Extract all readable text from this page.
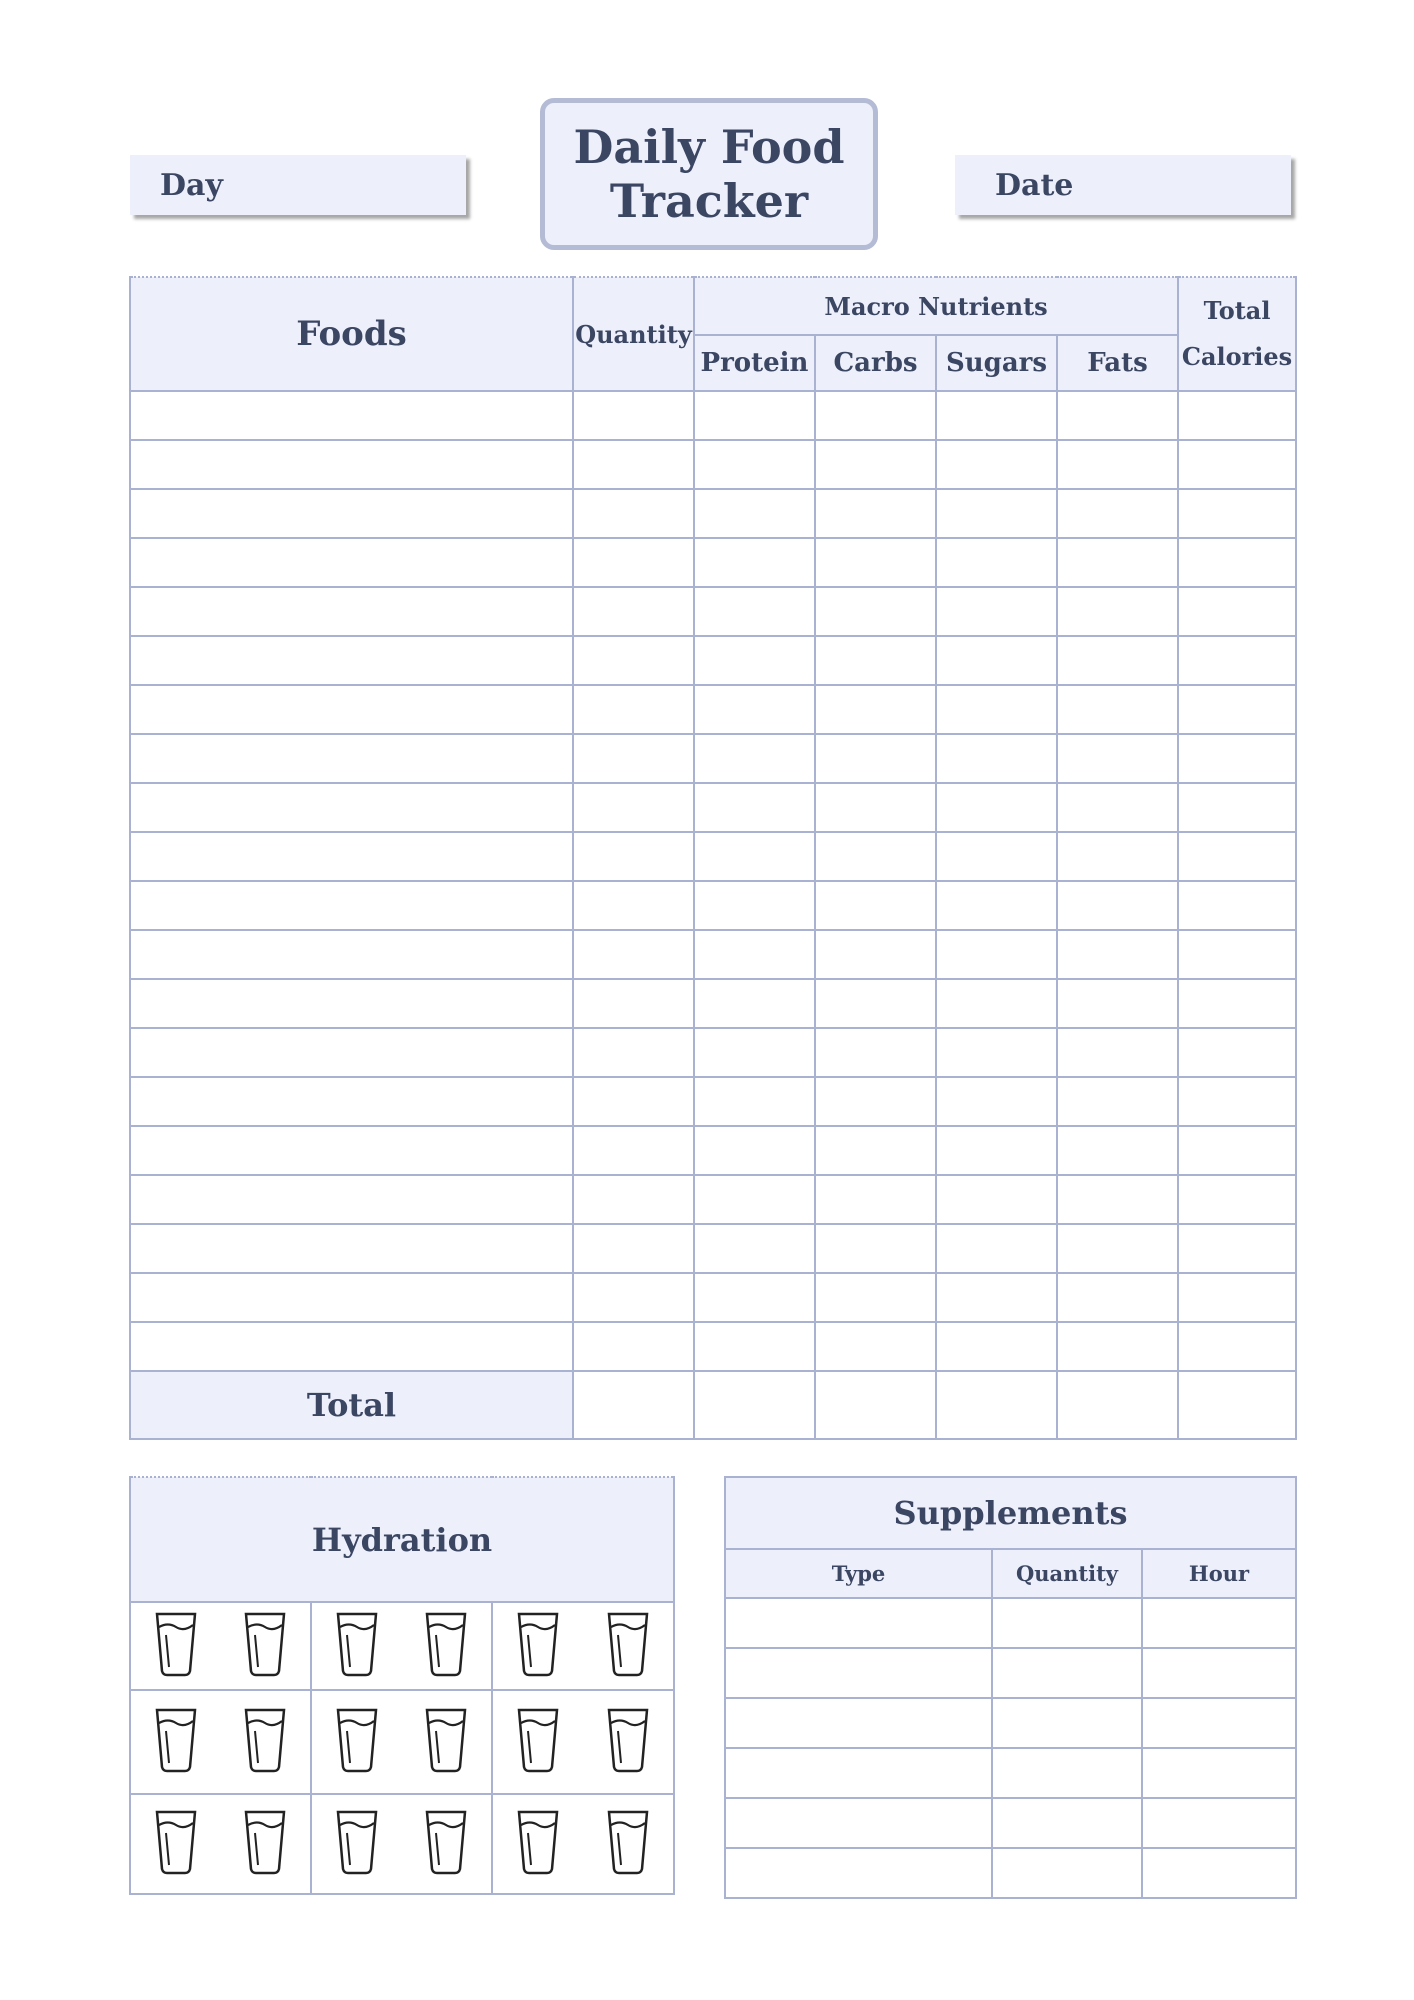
Day
Daily Food
Tracker	Date
Foods	Quantity	Macro Nutrients				Total
Calories

		Protein	Carbs	Sugars	Fats	

Total						
Hydration		

Supplements		
Type	Quantity	Hour
